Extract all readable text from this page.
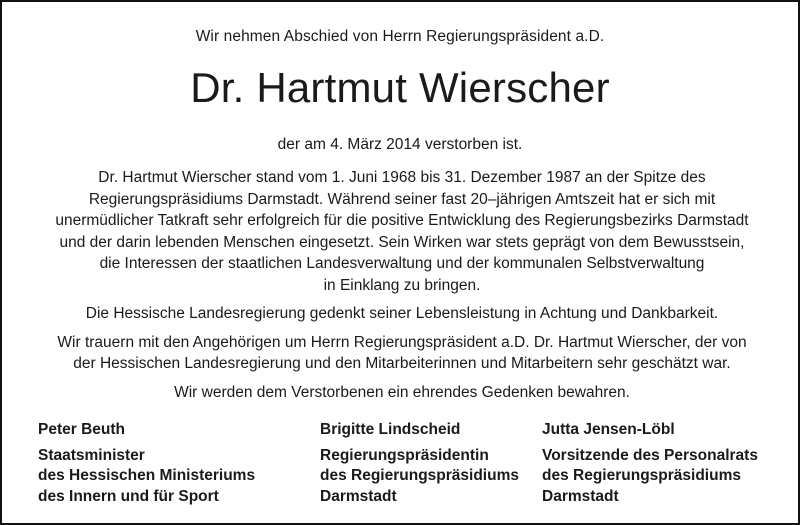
Wir nehmen Abschied von Herrn Regierungspräsident a.D.
Dr. Hartmut Wierscher
der am 4. März 2014 verstorben ist.

Dr. Hartmut Wierscher stand vom 1. Juni 1968 bis 31. Dezember 1987 an der Spitze des
Regierungspräsidiums Darmstadt. Während seiner fast 20–jährigen Amtszeit hat er sich mit
unermüdlicher Tatkraft sehr erfolgreich für die positive Entwicklung des Regierungsbezirks Darmstadt
und der darin lebenden Menschen eingesetzt. Sein Wirken war stets geprägt von dem Bewusstsein,
die Interessen der staatlichen Landesverwaltung und der kommunalen Selbstverwaltung
in Einklang zu bringen.

Die Hessische Landesregierung gedenkt seiner Lebensleistung in Achtung und Dankbarkeit.

Wir trauern mit den Angehörigen um Herrn Regierungspräsident a.D. Dr. Hartmut Wierscher, der von
der Hessischen Landesregierung und den Mitarbeiterinnen und Mitarbeitern sehr geschätzt war.

Wir werden dem Verstorbenen ein ehrendes Gedenken bewahren.

Peter Beuth
Staatsminister
des Hessischen Ministeriums
des Innern und für Sport
Brigitte Lindscheid
Regierungspräsidentin
des Regierungspräsidiums
Darmstadt
Jutta Jensen-Löbl
Vorsitzende des Personalrats
des Regierungspräsidiums
Darmstadt
